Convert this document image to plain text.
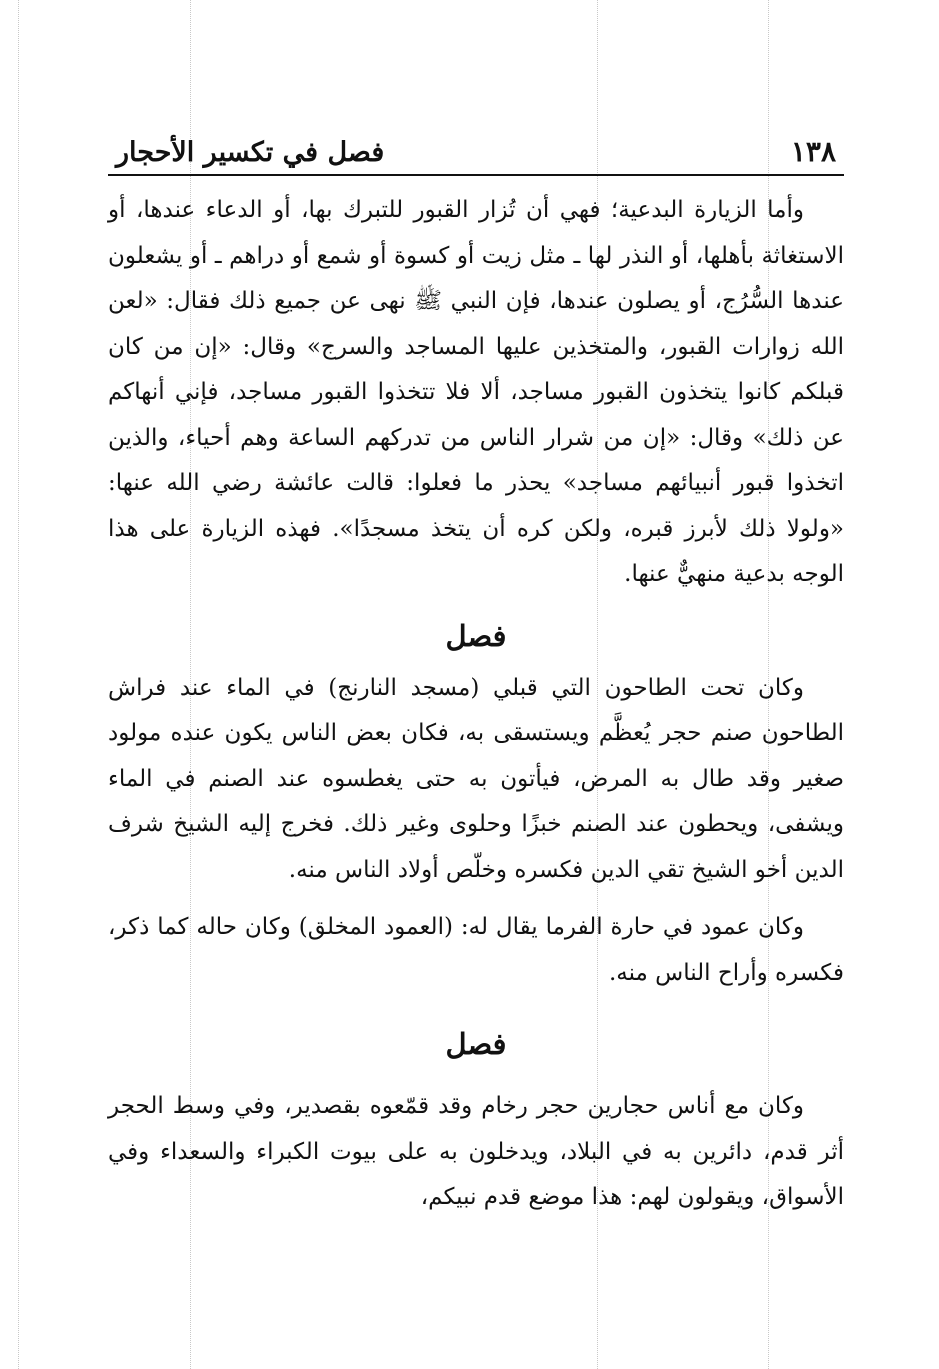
١٣٨
فصل في تكسير الأحجار

وأما الزيارة البدعية؛ فهي أن تُزار القبور للتبرك بها، أو الدعاء عندها، أو الاستغاثة بأهلها، أو النذر لها ـ مثل زيت أو كسوة أو شمع أو دراهم ـ أو يشعلون عندها السُّرُج، أو يصلون عندها، فإن النبي ﷺ نهى عن جميع ذلك فقال: «لعن الله زوارات القبور، والمتخذين عليها المساجد والسرج» وقال: «إن من كان قبلكم كانوا يتخذون القبور مساجد، ألا فلا تتخذوا القبور مساجد، فإني أنهاكم عن ذلك» وقال: «إن من شرار الناس من تدركهم الساعة وهم أحياء، والذين اتخذوا قبور أنبيائهم مساجد» يحذر ما فعلوا: قالت عائشة رضي الله عنها: «ولولا ذلك لأبرز قبره، ولكن كره أن يتخذ مسجدًا». فهذه الزيارة على هذا الوجه بدعية منهيٌّ عنها.

فصل

وكان تحت الطاحون التي قبلي (مسجد النارنج) في الماء عند فراش الطاحون صنم حجر يُعظَّم ويستسقى به، فكان بعض الناس يكون عنده مولود صغير وقد طال به المرض، فيأتون به حتى يغطسوه عند الصنم في الماء ويشفى، ويحطون عند الصنم خبزًا وحلوى وغير ذلك. فخرج إليه الشيخ شرف الدين أخو الشيخ تقي الدين فكسره وخلّص أولاد الناس منه.

وكان عمود في حارة الفرما يقال له: (العمود المخلق) وكان حاله كما ذكر، فكسره وأراح الناس منه.

فصل

وكان مع أناس حجارين حجر رخام وقد قمّعوه بقصدير، وفي وسط الحجر أثر قدم، دائرين به في البلاد، ويدخلون به على بيوت الكبراء والسعداء وفي الأسواق، ويقولون لهم: هذا موضع قدم نبيكم،
